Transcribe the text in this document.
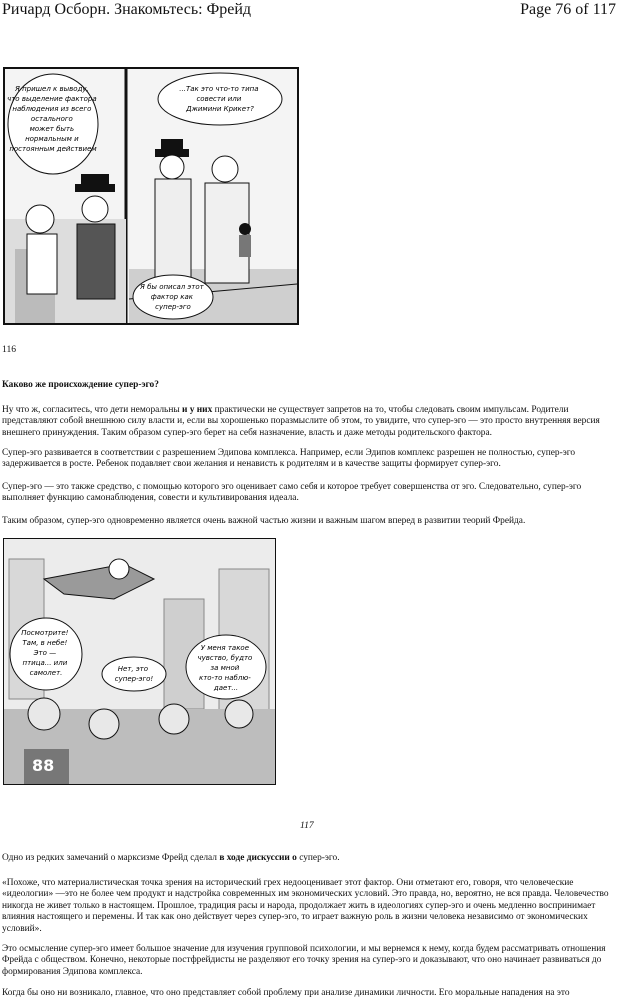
Ричард Осборн. Знакомьтесь: Фрейд	Page 76 of 117
Я пришел к выводу, что выделение фактора наблюдения из всего остального может быть нормальным и постоянным действием
...Так это что-то типа совести или Джимини Крикет?
Я бы описал этот фактор как супер-эго
116

Каково же происхождение супер-эго?

Ну что ж, согласитесь, что дети неморальны и у них практически не существует запретов на то, чтобы следовать своим импульсам. Родители представляют собой внешнюю силу власти и, если вы хорошенько поразмыслите об этом, то увидите, что супер-эго — это просто внутренняя версия внешнего принуждения. Таким образом супер-эго берет на себя назначение, власть и даже методы родительского фактора.

Супер-эго развивается в соответствии с разрешением Эдипова комплекса. Например, если Эдипов комплекс разрешен не полностью, супер-эго задерживается в росте. Ребенок подавляет свои желания и ненависть к родителям и в качестве защиты формирует супер-эго.

Супер-эго — это также средство, с помощью которого эго оценивает само себя и которое требует совершенства от эго. Следовательно, супер-эго выполняет функцию самонаблюдения, совести и культивирования идеала.

Таким образом, супер-эго одновременно является очень важной частью жизни и важным шагом вперед в развитии теорий Фрейда.

88
Посмотрите! Там, в небе! Это — птица... или самолет.	Нет, это супер-эго!
У меня такое чувство, будто за мной кто-то наблю- дает...
117

Одно из редких замечаний о марксизме Фрейд сделал в ходе дискуссии о супер-эго.

«Похоже, что материалистическая точка зрения на исторический грех недооценивает этот фактор. Они отметают его, говоря, что человеческие «идеологии» —это не более чем продукт и надстройка современных им экономических условий. Это правда, но, вероятно, не вся правда. Человечество никогда не живет только в настоящем. Прошлое, традиция расы и народа, продолжает жить в идеологиях супер-эго и очень медленно воспринимает влияния настоящего и перемены. И так как оно действует через супер-эго, то играет важную роль в жизни человека независимо от экономических условий».

Это осмысление супер-эго имеет большое значение для изучения групповой психологии, и мы вернемся к нему, когда будем рассматривать отношения Фрейда с обществом. Конечно, некоторые постфрейдисты не разделяют его точку зрения на супер-эго и доказывают, что оно начинает развиваться до формирования Эдипова комплекса.

Когда бы оно ни возникало, главное, что оно представляет собой проблему при анализе динамики личности. Его моральные нападения на это
